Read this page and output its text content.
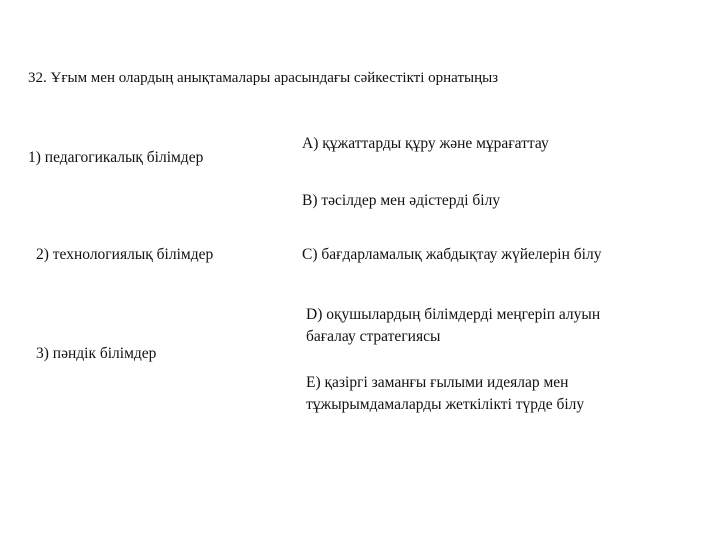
32. Ұғым мен олардың анықтамалары арасындағы сәйкестікті орнатыңыз
1) педагогикалық білімдер
2) технологиялық білімдер
3) пәндік білімдер
А) құжаттарды құру және мұрағаттау
В) тәсілдер мен әдістерді білу
С) бағдарламалық жабдықтау жүйелерін білу
D) оқушылардың білімдерді меңгеріп алуын
бағалау стратегиясы
Е) қазіргі заманғы ғылыми идеялар мен
тұжырымдамаларды жеткілікті түрде білу
